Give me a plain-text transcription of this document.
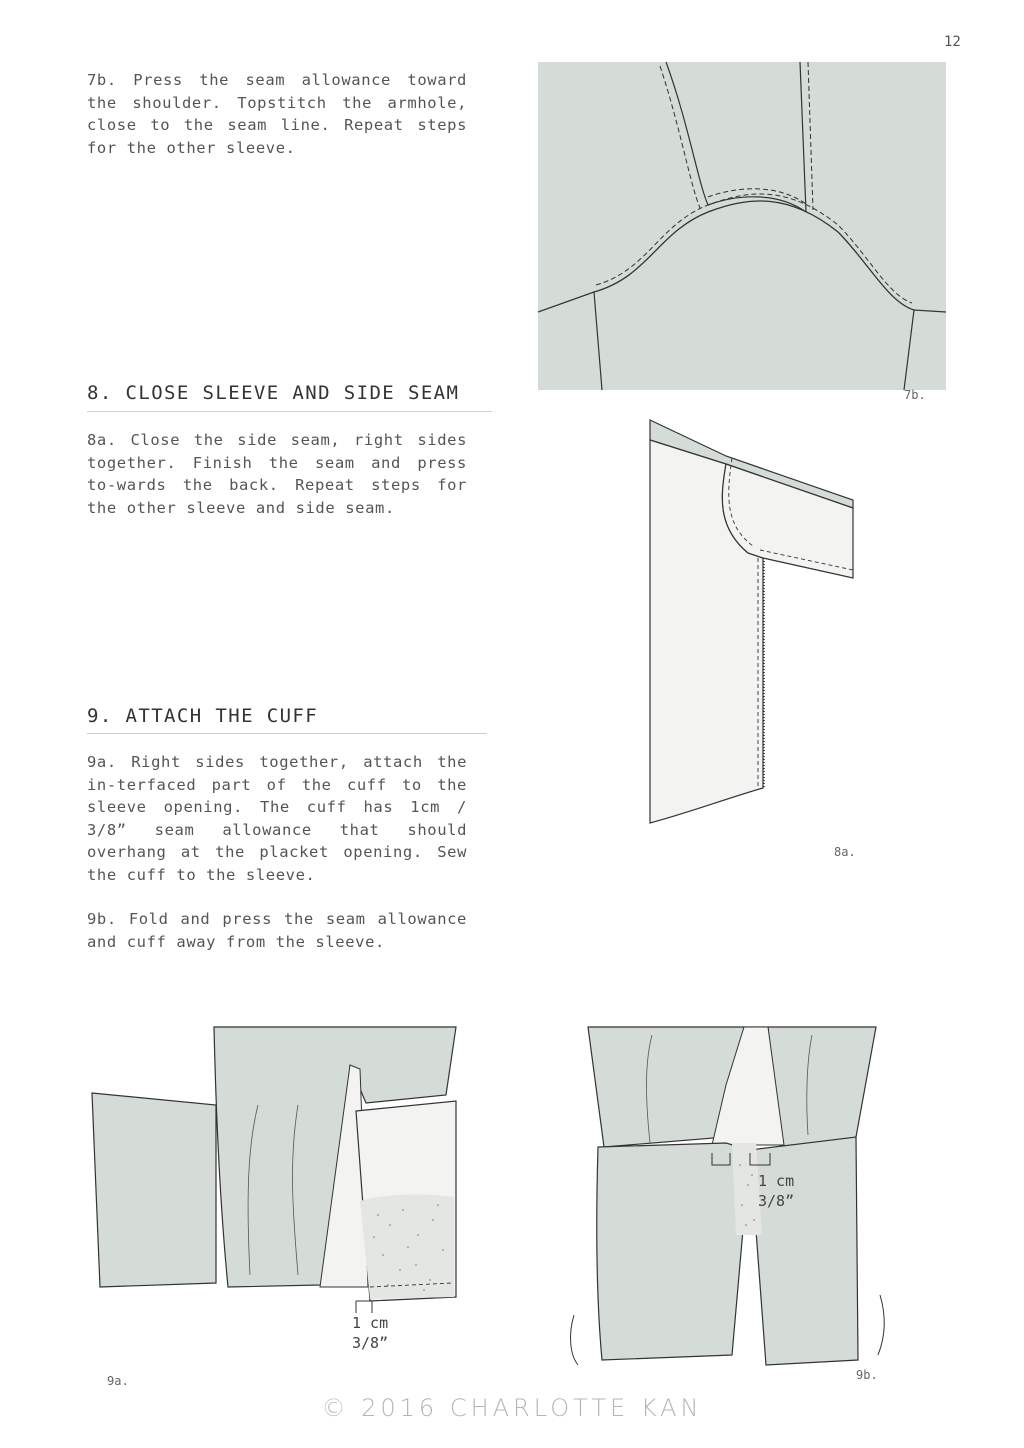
12
7b. Press the seam allowance toward the shoulder. Topstitch the armhole, close to the seam line. Repeat steps for the other sleeve.
7b.
8. CLOSE SLEEVE AND SIDE SEAM
8a. Close the side seam, right sides together. Finish the seam and press to-wards the back. Repeat steps for the other sleeve and side seam.
8a.
9. ATTACH THE CUFF
9a. Right sides together, attach the in-terfaced part of the cuff to the sleeve opening. The cuff has 1cm / 3/8” seam allowance that should overhang at the placket opening. Sew the cuff to the sleeve.
9b. Fold and press the seam allowance and cuff away from the sleeve.
1 cm
3/8”
9a.
1 cm
3/8”
9b.
© 2016 CHARLOTTE KAN
